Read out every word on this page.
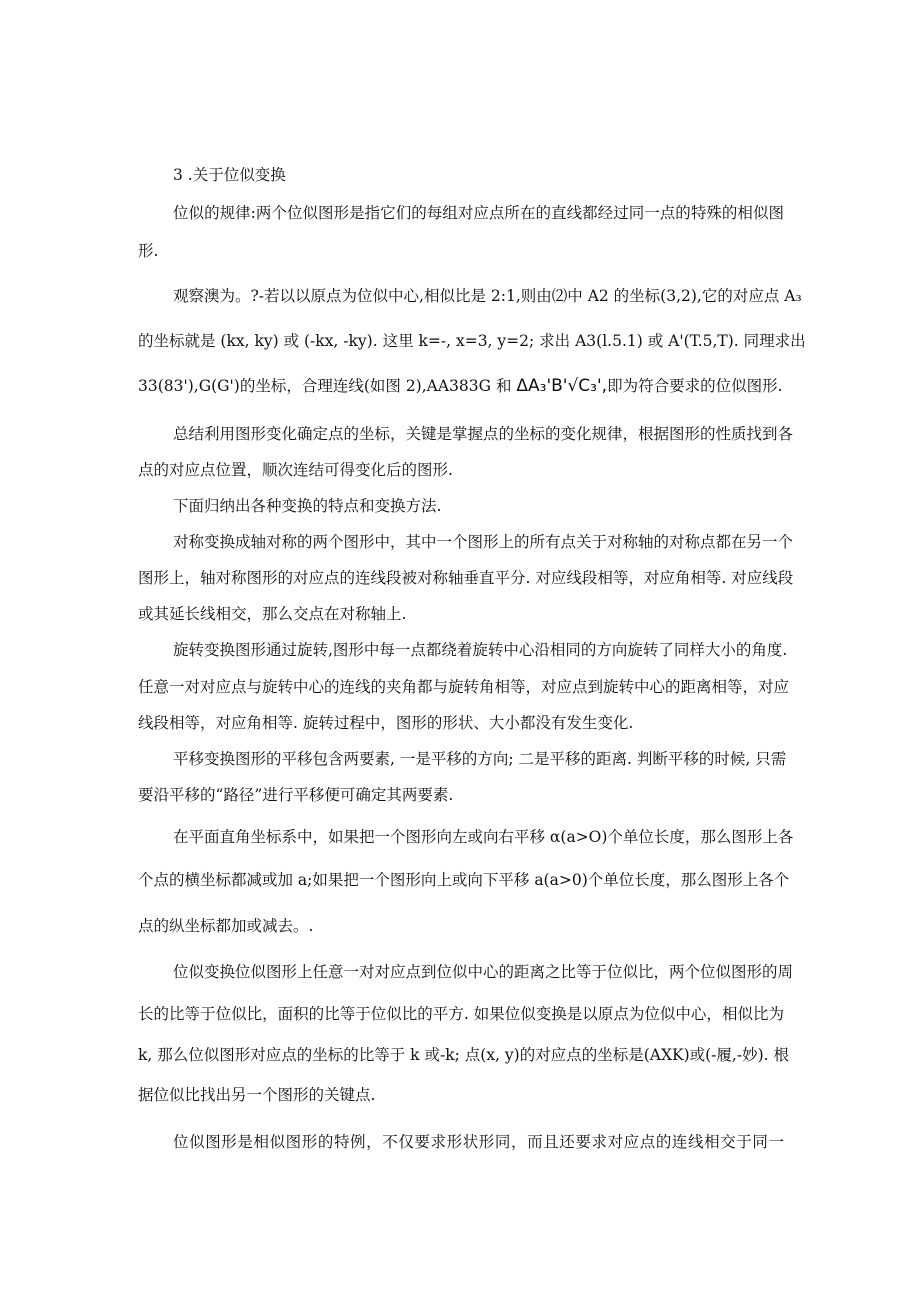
3 .关于位似变换
位似的规律:两个位似图形是指它们的每组对应点所在的直线都经过同一点的特殊的相似图
形.
观察澳为。?-若以以原点为位似中心,相似比是 2:1,则由⑵中 A2 的坐标(3,2),它的对应点 A₃
的坐标就是 (kx, ky) 或 (-kx, -ky). 这里 k=-, x=3, y=2; 求出 A3(l.5.1) 或 A'(T.5,T). 同理求出
33(83'),G(G')的坐标，合理连线(如图 2),AA383G 和 ΔA₃'B'√C₃',即为符合要求的位似图形.
总结利用图形变化确定点的坐标，关键是掌握点的坐标的变化规律，根据图形的性质找到各
点的对应点位置，顺次连结可得变化后的图形.
下面归纳出各种变换的特点和变换方法.
对称变换成轴对称的两个图形中，其中一个图形上的所有点关于对称轴的对称点都在另一个
图形上，轴对称图形的对应点的连线段被对称轴垂直平分. 对应线段相等，对应角相等. 对应线段
或其延长线相交，那么交点在对称轴上.
旋转变换图形通过旋转,图形中每一点都绕着旋转中心沿相同的方向旋转了同样大小的角度.
任意一对对应点与旋转中心的连线的夹角都与旋转角相等，对应点到旋转中心的距离相等，对应
线段相等，对应角相等. 旋转过程中，图形的形状、大小都没有发生变化.
平移变换图形的平移包含两要素, 一是平移的方向; 二是平移的距离. 判断平移的时候, 只需
要沿平移的“路径”进行平移便可确定其两要素.
在平面直角坐标系中，如果把一个图形向左或向右平移 α(a>O)个单位长度，那么图形上各
个点的横坐标都减或加 a;如果把一个图形向上或向下平移 a(a>0)个单位长度，那么图形上各个
点的纵坐标都加或减去。.
位似变换位似图形上任意一对对应点到位似中心的距离之比等于位似比，两个位似图形的周
长的比等于位似比，面积的比等于位似比的平方. 如果位似变换是以原点为位似中心，相似比为
k, 那么位似图形对应点的坐标的比等于 k 或-k; 点(x, y)的对应点的坐标是(AXK)或(-履,-妙). 根
据位似比找出另一个图形的关键点.
位似图形是相似图形的特例，不仅要求形状形同，而且还要求对应点的连线相交于同一
